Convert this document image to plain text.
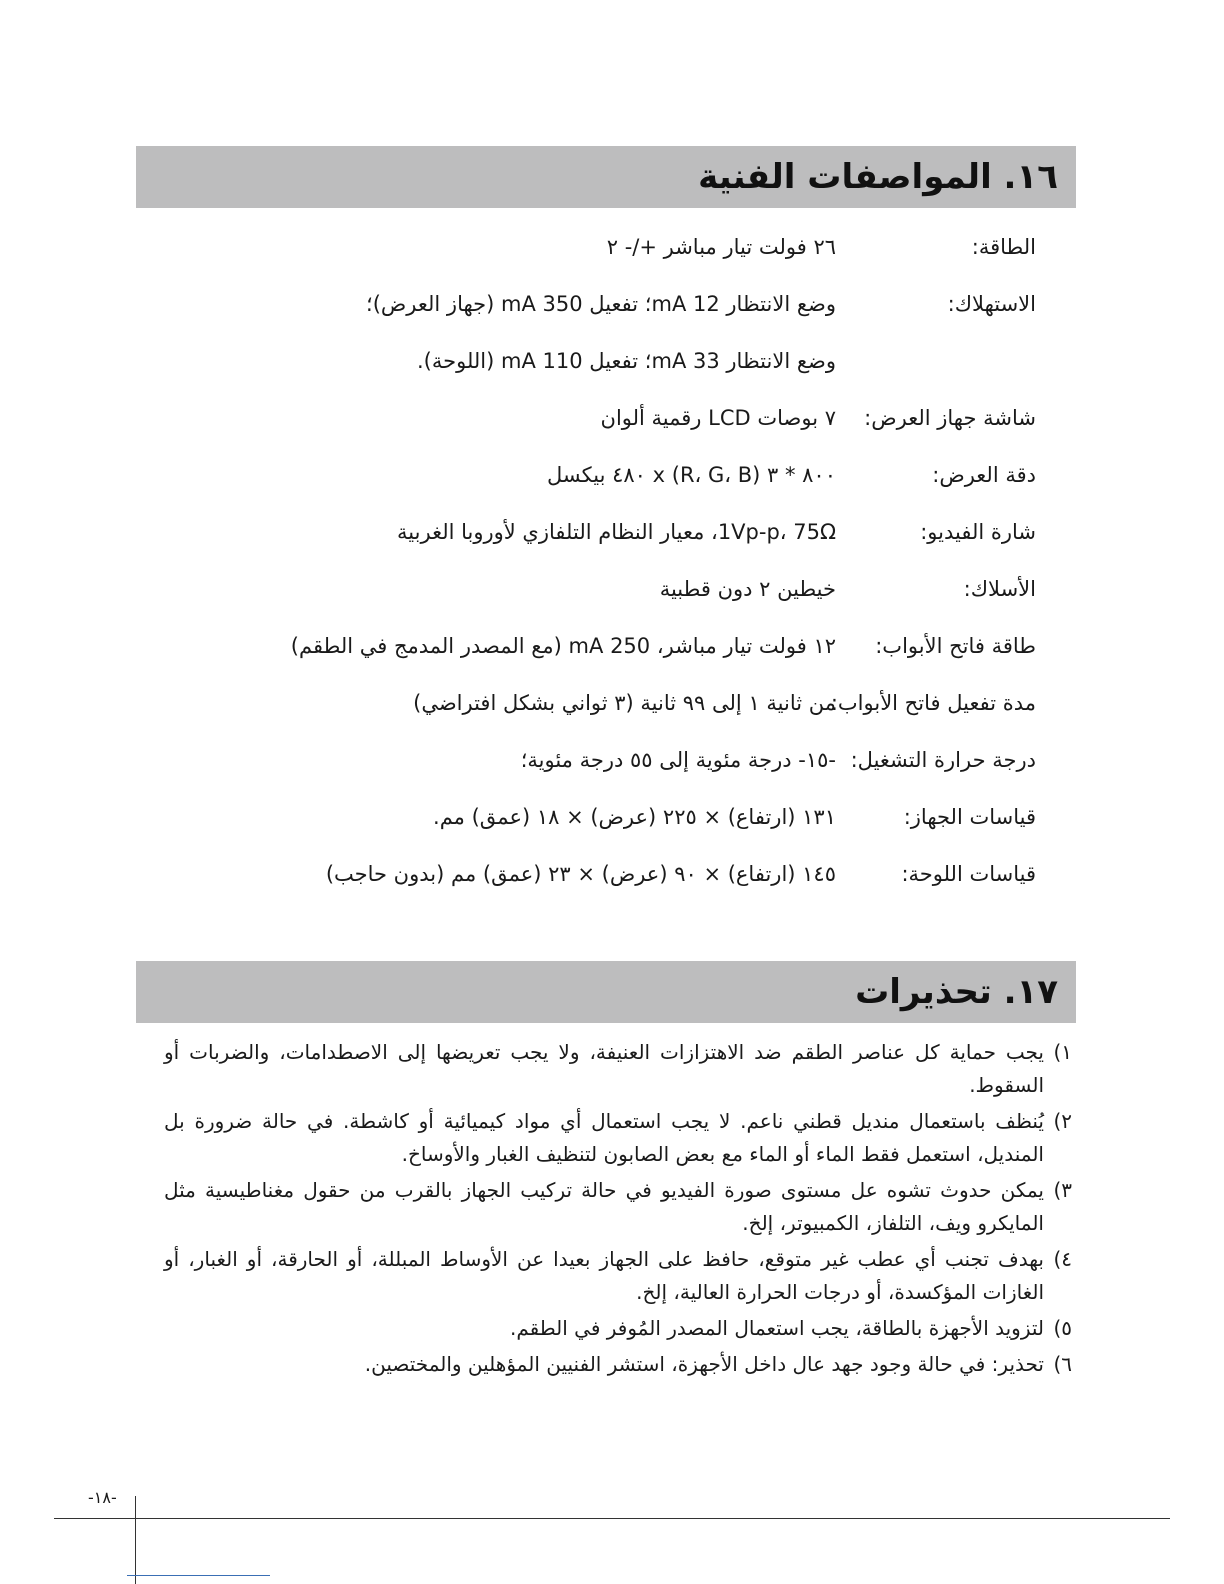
١٦. المواصفات الفنية
الطاقة:
٢٦ فولت تيار مباشر +/- ٢
الاستهلاك:
وضع الانتظار 12 mA؛ تفعيل 350 mA (جهاز العرض)؛
وضع الانتظار 33 mA؛ تفعيل 110 mA (اللوحة).
شاشة جهاز العرض:
٧ بوصات LCD رقمية ألوان
دقة العرض:
٨٠٠ * ٣ (R، G، B) x ٤٨٠ بيكسل
شارة الفيديو:
1Vp-p، 75Ω، معيار النظام التلفازي لأوروبا الغربية
الأسلاك:
خيطين ٢ دون قطبية
طاقة فاتح الأبواب:
١٢ فولت تيار مباشر، 250 mA (مع المصدر المدمج في الطقم)
مدة تفعيل فاتح الأبواب:
من ثانية ١ إلى ٩٩ ثانية (٣ ثواني بشكل افتراضي)
درجة حرارة التشغيل:
-١٥- درجة مئوية إلى ٥٥ درجة مئوية؛
قياسات الجهاز:
١٣١ (ارتفاع) × ٢٢٥ (عرض) × ١٨ (عمق) مم.
قياسات اللوحة:
١٤٥ (ارتفاع) × ٩٠ (عرض) × ٢٣ (عمق) مم (بدون حاجب)
١٧. تحذيرات
١)
يجب حماية كل عناصر الطقم ضد الاهتزازات العنيفة، ولا يجب تعريضها إلى الاصطدامات، والضربات أو السقوط.
٢)
يُنظف باستعمال منديل قطني ناعم. لا يجب استعمال أي مواد كيميائية أو كاشطة. في حالة ضرورة بل المنديل، استعمل فقط الماء أو الماء مع بعض الصابون لتنظيف الغبار والأوساخ.
٣)
يمكن حدوث تشوه عل مستوى صورة الفيديو في حالة تركيب الجهاز بالقرب من حقول مغناطيسية مثل المايكرو ويف، التلفاز، الكمبيوتر، إلخ.
٤)
بهدف تجنب أي عطب غير متوقع، حافظ على الجهاز بعيدا عن الأوساط المبللة، أو الحارقة، أو الغبار، أو الغازات المؤكسدة، أو درجات الحرارة العالية، إلخ.
٥)
لتزويد الأجهزة بالطاقة، يجب استعمال المصدر المُوفر في الطقم.
٦)
تحذير: في حالة وجود جهد عال داخل الأجهزة، استشر الفنيين المؤهلين والمختصين.
-١٨-
